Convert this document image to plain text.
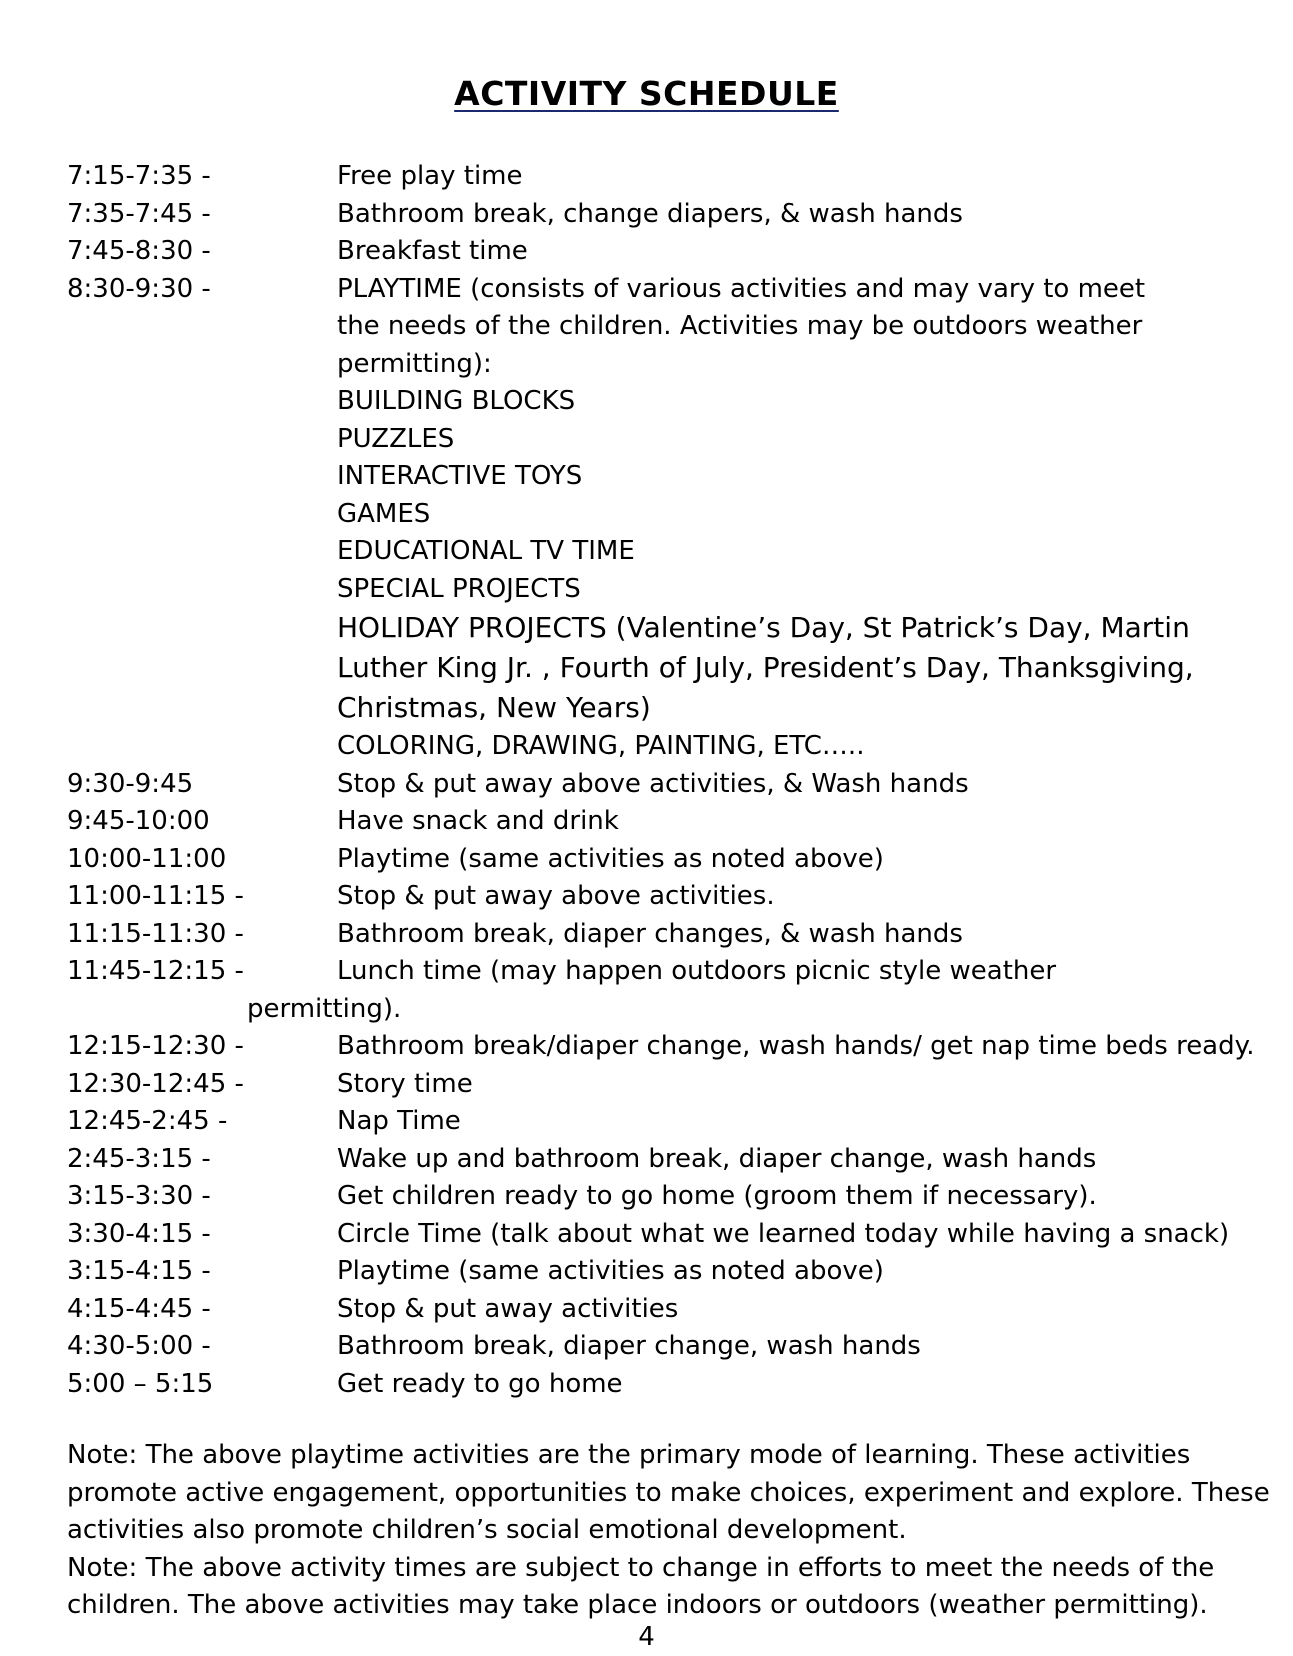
ACTIVITY SCHEDULE
7:15-7:35 -	Free play time
7:35-7:45 -	Bathroom break, change diapers, & wash hands
7:45-8:30 -	Breakfast time
8:30-9:30 -	PLAYTIME (consists of various activities and may vary to meet
the needs of the children. Activities may be outdoors weather
permitting):
BUILDING BLOCKS
PUZZLES
INTERACTIVE TOYS
GAMES
EDUCATIONAL TV TIME
SPECIAL PROJECTS
HOLIDAY PROJECTS (Valentine’s Day, St Patrick’s Day, Martin
Luther King Jr. , Fourth of July, President’s Day, Thanksgiving,
Christmas, New Years)
COLORING, DRAWING, PAINTING, ETC…..
9:30-9:45	Stop & put away above activities, & Wash hands
9:45-10:00	Have snack and drink
10:00-11:00	Playtime (same activities as noted above)
11:00-11:15 -	Stop & put away above activities.
11:15-11:30 -	Bathroom break, diaper changes, & wash hands
11:45-12:15 -	Lunch time (may happen outdoors picnic style weather
permitting).
12:15-12:30 -	Bathroom break/diaper change, wash hands/ get nap time beds ready.
12:30-12:45 -	Story time
12:45-2:45 -	Nap Time
2:45-3:15 -	Wake up and bathroom break, diaper change, wash hands
3:15-3:30 -	Get children ready to go home (groom them if necessary).
3:30-4:15 -	Circle Time (talk about what we learned today while having a snack)
3:15-4:15 -	Playtime (same activities as noted above)
4:15-4:45 -	Stop & put away activities
4:30-5:00 -	Bathroom break, diaper change, wash hands
5:00 – 5:15	Get ready to go home
Note: The above playtime activities are the primary mode of learning. These activities
promote active engagement, opportunities to make choices, experiment and explore. These
activities also promote children’s social emotional development.
Note: The above activity times are subject to change in efforts to meet the needs of the
children. The above activities may take place indoors or outdoors (weather permitting).
4
